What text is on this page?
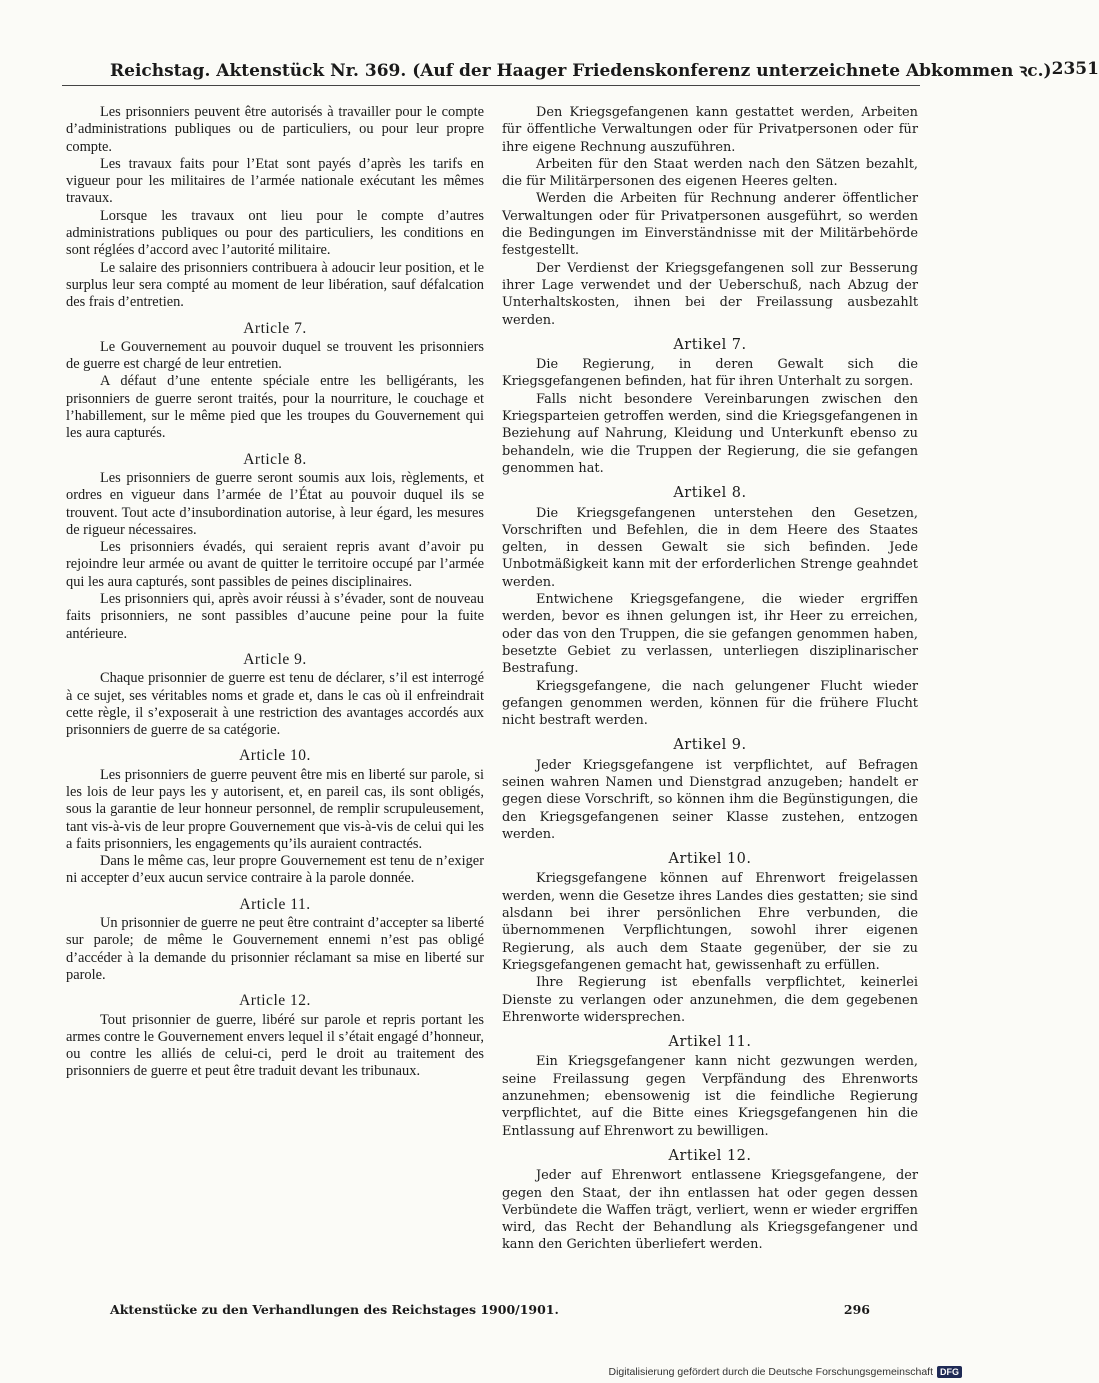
Reichstag. Aktenstück Nr. 369. (Auf der Haager Friedenskonferenz unterzeichnete Abkommen ꝛc.) 2351

Les prisonniers peuvent être autorisés à travailler pour le compte d’administrations publiques ou de particuliers, ou pour leur propre compte.

Les travaux faits pour l’Etat sont payés d’après les tarifs en vigueur pour les militaires de l’armée nationale exécutant les mêmes travaux.

Lorsque les travaux ont lieu pour le compte d’autres administrations publiques ou pour des particuliers, les conditions en sont réglées d’accord avec l’autorité militaire.

Le salaire des prisonniers contribuera à adoucir leur position, et le surplus leur sera compté au moment de leur libération, sauf défalcation des frais d’entretien.

Article 7.

Le Gouvernement au pouvoir duquel se trouvent les prisonniers de guerre est chargé de leur entretien.

A défaut d’une entente spéciale entre les belligérants, les prisonniers de guerre seront traités, pour la nourriture, le couchage et l’habillement, sur le même pied que les troupes du Gouvernement qui les aura capturés.

Article 8.

Les prisonniers de guerre seront soumis aux lois, règlements, et ordres en vigueur dans l’armée de l’État au pouvoir duquel ils se trouvent. Tout acte d’insubordination autorise, à leur égard, les mesures de rigueur nécessaires.

Les prisonniers évadés, qui seraient repris avant d’avoir pu rejoindre leur armée ou avant de quitter le territoire occupé par l’armée qui les aura capturés, sont passibles de peines disciplinaires.

Les prisonniers qui, après avoir réussi à s’évader, sont de nouveau faits prisonniers, ne sont passibles d’aucune peine pour la fuite antérieure.

Article 9.

Chaque prisonnier de guerre est tenu de déclarer, s’il est interrogé à ce sujet, ses véritables noms et grade et, dans le cas où il enfreindrait cette règle, il s’exposerait à une restriction des avantages accordés aux prisonniers de guerre de sa catégorie.

Article 10.

Les prisonniers de guerre peuvent être mis en liberté sur parole, si les lois de leur pays les y autorisent, et, en pareil cas, ils sont obligés, sous la garantie de leur honneur personnel, de remplir scrupuleusement, tant vis-à-vis de leur propre Gouvernement que vis-à-vis de celui qui les a faits prisonniers, les engagements qu’ils auraient contractés.

Dans le même cas, leur propre Gouvernement est tenu de n’exiger ni accepter d’eux aucun service contraire à la parole donnée.

Article 11.

Un prisonnier de guerre ne peut être contraint d’accepter sa liberté sur parole; de même le Gouvernement ennemi n’est pas obligé d’accéder à la demande du prisonnier réclamant sa mise en liberté sur parole.

Article 12.

Tout prisonnier de guerre, libéré sur parole et repris portant les armes contre le Gouvernement envers lequel il s’était engagé d’honneur, ou contre les alliés de celui-ci, perd le droit au traitement des prisonniers de guerre et peut être traduit devant les tribunaux.

Den Kriegsgefangenen kann gestattet werden, Arbeiten für öffentliche Verwaltungen oder für Privatpersonen oder für ihre eigene Rechnung auszuführen.

Arbeiten für den Staat werden nach den Sätzen bezahlt, die für Militärpersonen des eigenen Heeres gelten.

Werden die Arbeiten für Rechnung anderer öffentlicher Verwaltungen oder für Privatpersonen ausgeführt, so werden die Bedingungen im Einverständnisse mit der Militärbehörde festgestellt.

Der Verdienst der Kriegsgefangenen soll zur Besserung ihrer Lage verwendet und der Ueberschuß, nach Abzug der Unterhaltskosten, ihnen bei der Freilassung ausbezahlt werden.

Artikel 7.

Die Regierung, in deren Gewalt sich die Kriegsgefangenen befinden, hat für ihren Unterhalt zu sorgen.

Falls nicht besondere Vereinbarungen zwischen den Kriegsparteien getroffen werden, sind die Kriegsgefangenen in Beziehung auf Nahrung, Kleidung und Unterkunft ebenso zu behandeln, wie die Truppen der Regierung, die sie gefangen genommen hat.

Artikel 8.

Die Kriegsgefangenen unterstehen den Gesetzen, Vorschriften und Befehlen, die in dem Heere des Staates gelten, in dessen Gewalt sie sich befinden. Jede Unbotmäßigkeit kann mit der erforderlichen Strenge geahndet werden.

Entwichene Kriegsgefangene, die wieder ergriffen werden, bevor es ihnen gelungen ist, ihr Heer zu erreichen, oder das von den Truppen, die sie gefangen genommen haben, besetzte Gebiet zu verlassen, unterliegen disziplinarischer Bestrafung.

Kriegsgefangene, die nach gelungener Flucht wieder gefangen genommen werden, können für die frühere Flucht nicht bestraft werden.

Artikel 9.

Jeder Kriegsgefangene ist verpflichtet, auf Befragen seinen wahren Namen und Dienstgrad anzugeben; handelt er gegen diese Vorschrift, so können ihm die Begünstigungen, die den Kriegsgefangenen seiner Klasse zustehen, entzogen werden.

Artikel 10.

Kriegsgefangene können auf Ehrenwort freigelassen werden, wenn die Gesetze ihres Landes dies gestatten; sie sind alsdann bei ihrer persönlichen Ehre verbunden, die übernommenen Verpflichtungen, sowohl ihrer eigenen Regierung, als auch dem Staate gegenüber, der sie zu Kriegsgefangenen gemacht hat, gewissenhaft zu erfüllen.

Ihre Regierung ist ebenfalls verpflichtet, keinerlei Dienste zu verlangen oder anzunehmen, die dem gegebenen Ehrenworte widersprechen.

Artikel 11.

Ein Kriegsgefangener kann nicht gezwungen werden, seine Freilassung gegen Verpfändung des Ehrenworts anzunehmen; ebensowenig ist die feindliche Regierung verpflichtet, auf die Bitte eines Kriegsgefangenen hin die Entlassung auf Ehrenwort zu bewilligen.

Artikel 12.

Jeder auf Ehrenwort entlassene Kriegsgefangene, der gegen den Staat, der ihn entlassen hat oder gegen dessen Verbündete die Waffen trägt, verliert, wenn er wieder ergriffen wird, das Recht der Behandlung als Kriegsgefangener und kann den Gerichten überliefert werden.

Aktenstücke zu den Verhandlungen des Reichstages 1900/1901.	296
Digitalisierung gefördert durch die Deutsche Forschungsgemeinschaft DFG
